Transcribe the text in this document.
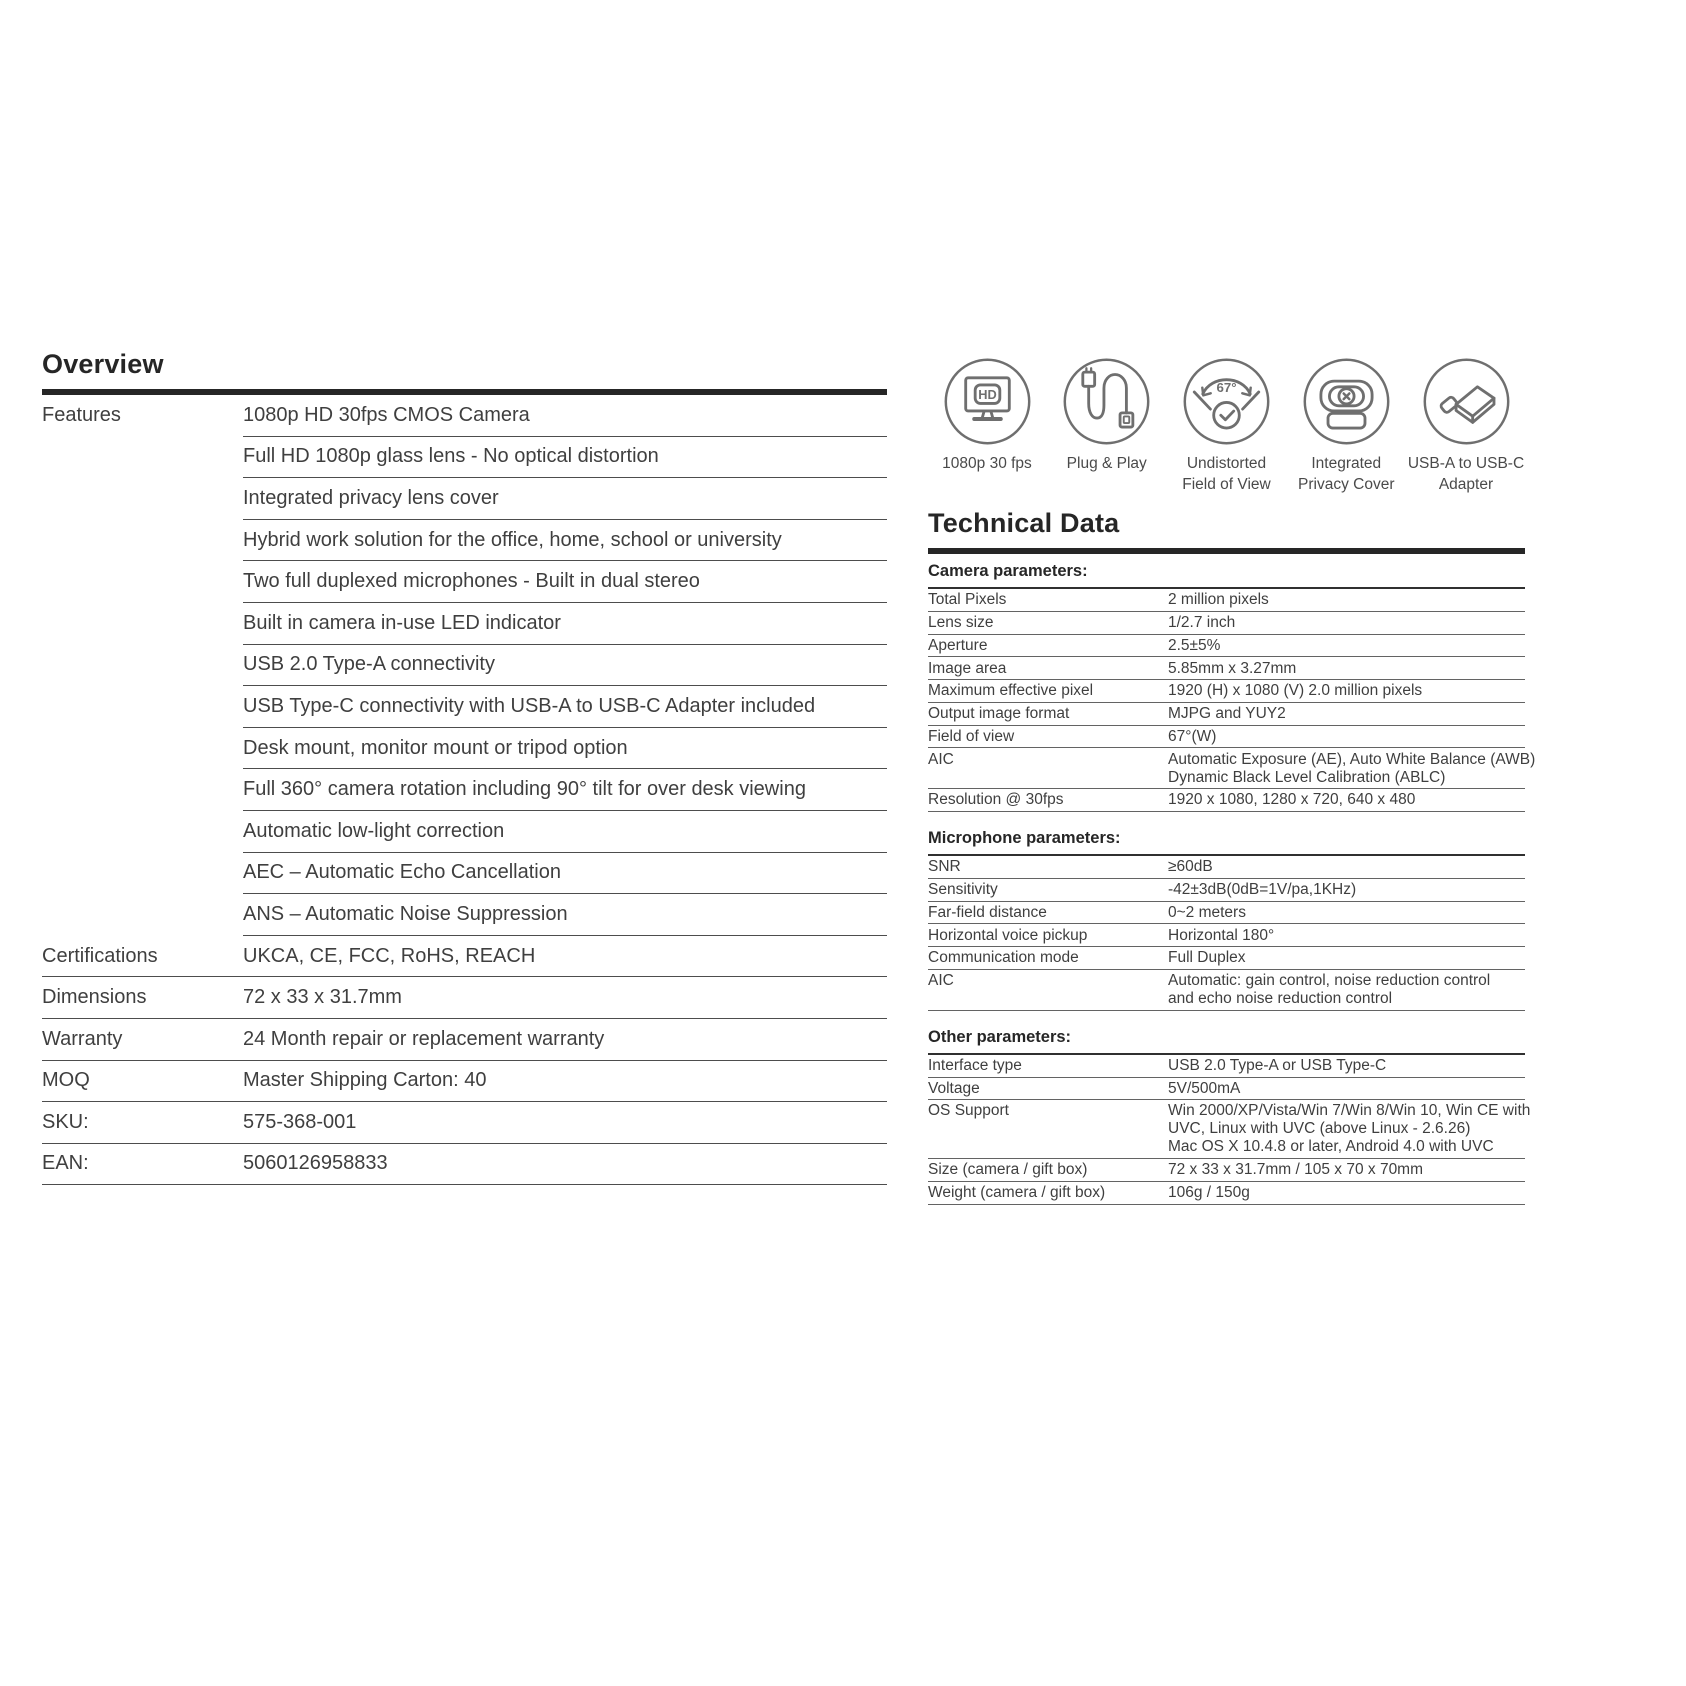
Overview
Features	1080p HD 30fps CMOS Camera
Full HD 1080p glass lens - No optical distortion
Integrated privacy lens cover
Hybrid work solution for the office, home, school or university
Two full duplexed microphones - Built in dual stereo
Built in camera in-use LED indicator
USB 2.0 Type-A connectivity
USB Type-C connectivity with USB-A to USB-C Adapter included
Desk mount, monitor mount or tripod option
Full 360° camera rotation including 90° tilt for over desk viewing
Automatic low-light correction
AEC – Automatic Echo Cancellation
ANS – Automatic Noise Suppression
Certifications	UKCA, CE, FCC, RoHS, REACH
Dimensions	72 x 33 x 31.7mm
Warranty	24 Month repair or replacement warranty
MOQ	Master Shipping Carton: 40
SKU:	575-368-001
EAN:	5060126958833
HD
1080p 30 fps	Plug & Play
67°
Undistorted
Field of View
Integrated
Privacy Cover
USB-A to USB-C
Adapter
Technical Data
Camera parameters:
Total Pixels	2 million pixels
Lens size	1/2.7 inch
Aperture	2.5±5%
Image area	5.85mm x 3.27mm
Maximum effective pixel	1920 (H) x 1080 (V) 2.0 million pixels
Output image format	MJPG and YUY2
Field of view	67°(W)
AIC	Automatic Exposure (AE), Auto White Balance (AWB)
Dynamic Black Level Calibration (ABLC)
Resolution @ 30fps	1920 x 1080, 1280 x 720, 640 x 480
Microphone parameters:
SNR	≥60dB
Sensitivity	-42±3dB(0dB=1V/pa,1KHz)
Far-field distance	0~2 meters
Horizontal voice pickup	Horizontal 180°
Communication mode	Full Duplex
AIC	Automatic: gain control, noise reduction control
and echo noise reduction control
Other parameters:
Interface type	USB 2.0 Type-A or USB Type-C
Voltage	5V/500mA
OS Support	Win 2000/XP/Vista/Win 7/Win 8/Win 10, Win CE with
UVC, Linux with UVC (above Linux - 2.6.26)
Mac OS X 10.4.8 or later, Android 4.0 with UVC
Size (camera / gift box)	72 x 33 x 31.7mm / 105 x 70 x 70mm
Weight (camera / gift box)	106g / 150g
